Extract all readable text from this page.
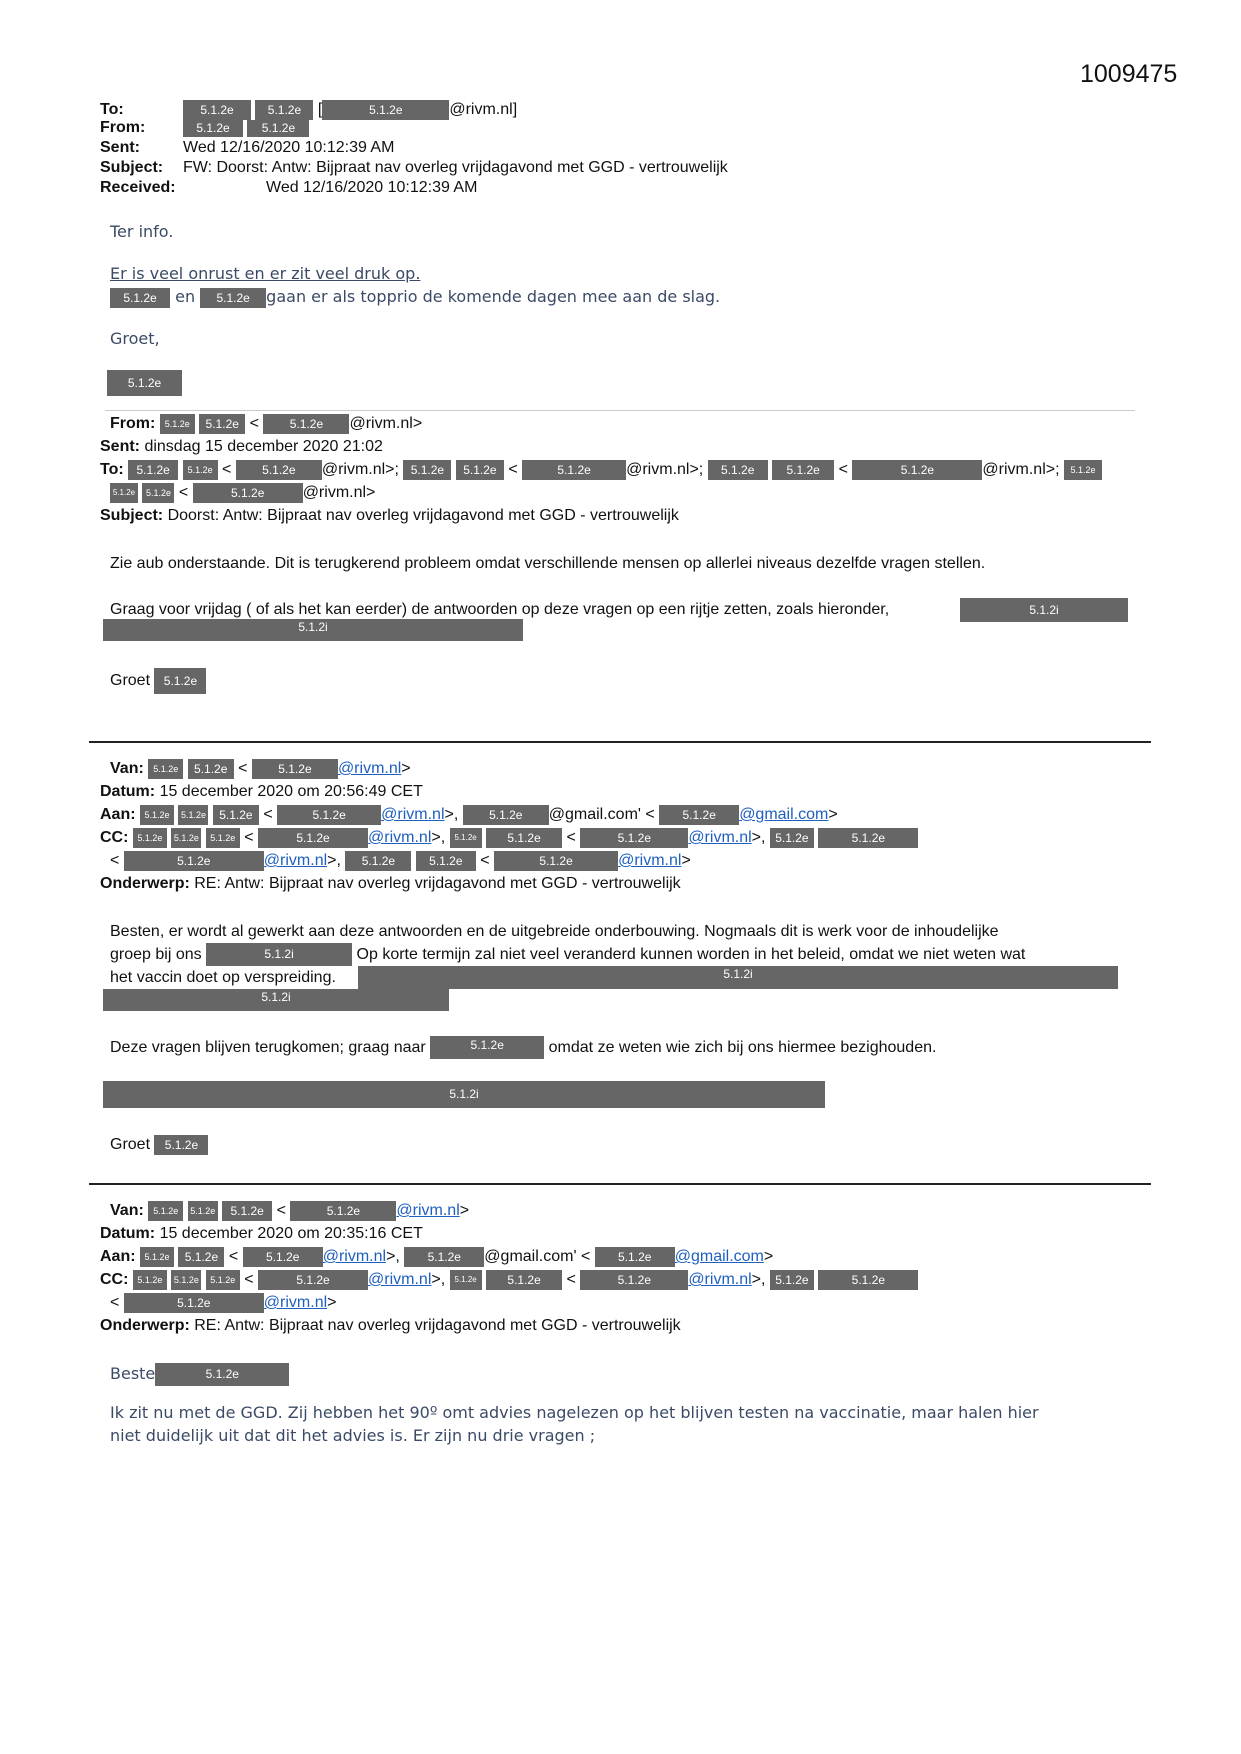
1009475
To:	5.1.2e	5.1.2e [	5.1.2e	@rivm.nl]
From:	5.1.2e	5.1.2e
Sent:	Wed 12/16/2020 10:12:39 AM
Subject: FW: Doorst: Antw: Bijpraat nav overleg vrijdagavond met GGD - vertrouwelijk
Received:	Wed 12/16/2020 10:12:39 AM
Ter info.
Er is veel onrust en er zit veel druk op.
5.1.2e en 5.1.2e gaan er als topprio de komende dagen mee aan de slag.
Groet,
5.1.2e
From: 5.1.2e 5.1.2e < 5.1.2e @rivm.nl>
Sent: dinsdag 15 december 2020 21:02
To: 5.1.2e 5.1.2e < 5.1.2e @rivm.nl>; 5.1.2e 5.1.2e <	5.1.2e @rivm.nl>; 5.1.2e	5.1.2e <	5.1.2e	@rivm.nl>; 5.1.2e
5.1.2e 5.1.2e <	5.1.2e @rivm.nl>
Subject: Doorst: Antw: Bijpraat nav overleg vrijdagavond met GGD - vertrouwelijk
Zie aub onderstaande. Dit is terugkerend probleem omdat verschillende mensen op allerlei niveaus dezelfde vragen stellen.
Graag voor vrijdag ( of als het kan eerder) de antwoorden op deze vragen op een rijtje zetten, zoals hieronder,	5.1.2i
5.1.2i
Groet 5.1.2e
Van: 5.1.2e 5.1.2e < 5.1.2e @rivm.nl>
Datum: 15 december 2020 om 20:56:49 CET
Aan: 5.1.2e 5.1.2e 5.1.2e <	5.1.2e @rivm.nl>, 5.1.2e @gmail.com' < 5.1.2e @gmail.com>
CC: 5.1.2e 5.1.2e 5.1.2e <	5.1.2e @rivm.nl>, 5.1.2e	5.1.2e <	5.1.2e @rivm.nl>, 5.1.2e	5.1.2e
<	5.1.2e	@rivm.nl>, 5.1.2e	5.1.2e <	5.1.2e	@rivm.nl>
Onderwerp: RE: Antw: Bijpraat nav overleg vrijdagavond met GGD - vertrouwelijk
Besten, er wordt al gewerkt aan deze antwoorden en de uitgebreide onderbouwing. Nogmaals dit is werk voor de inhoudelijke
groep bij ons	5.1.2i	Op korte termijn zal niet veel veranderd kunnen worden in het beleid, omdat we niet weten wat
het vaccin doet op verspreiding.	5.1.2i
5.1.2i
Deze vragen blijven terugkomen; graag naar	5.1.2e	omdat ze weten wie zich bij ons hiermee bezighouden.
5.1.2i
Groet 5.1.2e
Van: 5.1.2e 5.1.2e 5.1.2e <	5.1.2e @rivm.nl>
Datum: 15 december 2020 om 20:35:16 CET
Aan: 5.1.2e 5.1.2e < 5.1.2e @rivm.nl>, 5.1.2e @gmail.com' < 5.1.2e @gmail.com>
CC: 5.1.2e 5.1.2e 5.1.2e <	5.1.2e @rivm.nl>, 5.1.2e	5.1.2e <	5.1.2e @rivm.nl>, 5.1.2e	5.1.2e
<	5.1.2e	@rivm.nl>
Onderwerp: RE: Antw: Bijpraat nav overleg vrijdagavond met GGD - vertrouwelijk
Beste	5.1.2e
Ik zit nu met de GGD. Zij hebben het 90º omt advies nagelezen op het blijven testen na vaccinatie, maar halen hier
niet duidelijk uit dat dit het advies is. Er zijn nu drie vragen ;
